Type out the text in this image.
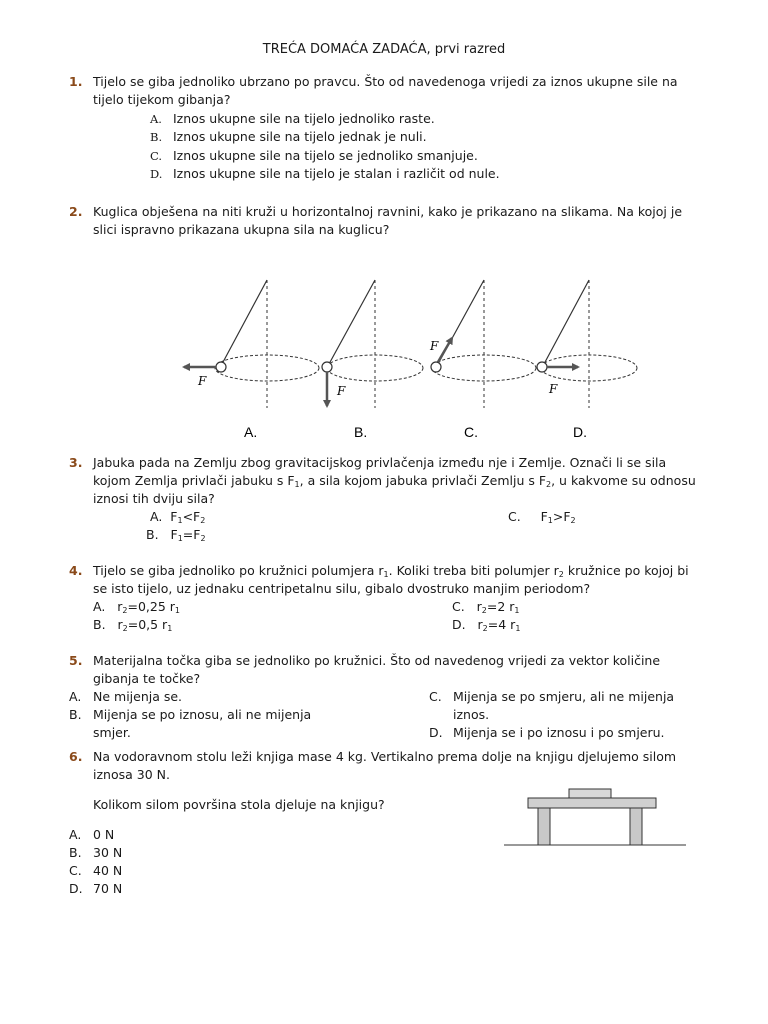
TREĆA DOMAĆA ZADAĆA, prvi razred
1. Tijelo se giba jednoliko ubrzano po pravcu. Što od navedenoga vrijedi za iznos ukupne sile na
tijelo tijekom gibanja?
A. Iznos ukupne sile na tijelo jednoliko raste.
B. Iznos ukupne sile na tijelo jednak je nuli.
C. Iznos ukupne sile na tijelo se jednoliko smanjuje.
D. Iznos ukupne sile na tijelo je stalan i različit od nule.
2. Kuglica obješena na niti kruži u horizontalnoj ravnini, kako je prikazano na slikama. Na kojoj je
slici ispravno prikazana ukupna sila na kuglicu?
F
A.
F
B.
F
C.
F
D.
3. Jabuka pada na Zemlju zbog gravitacijskog privlačenja između nje i Zemlje. Označi li se sila
kojom Zemlja privlači jabuku s $F_1$, a sila kojom jabuka privlači Zemlju s $F_2$, u kakvome su odnosu
iznosi tih dviju sila?
A. $F_1<F_2$	C. $F_1>F_2$
B. $F_1=F_2$
4. Tijelo se giba jednoliko po kružnici polumjera $r_1$. Koliki treba biti polumjer $r_2$ kružnice po kojoj bi
se isto tijelo, uz jednaku centripetalnu silu, gibalo dvostruko manjim periodom?
A. $r_2=0,25$ $r_1$	C. $r_2=2$ $r_1$
B. $r_2=0,5$ $r_1$	D. $r_2=4$ $r_1$
5. Materijalna točka giba se jednoliko po kružnici. Što od navedenog vrijedi za vektor količine
gibanja te točke?
A. Ne mijenja se.
B. Mijenja se po iznosu, ali ne mijenja
smjer.
C. Mijenja se po smjeru, ali ne mijenja
iznos.
D. Mijenja se i po iznosu i po smjeru.
6. Na vodoravnom stolu leži knjiga mase 4 kg. Vertikalno prema dolje na knjigu djelujemo silom
iznosa 30 N.
Kolikom silom površina stola djeluje na knjigu?
A. 0 N
B. 30 N
C. 40 N
D. 70 N
